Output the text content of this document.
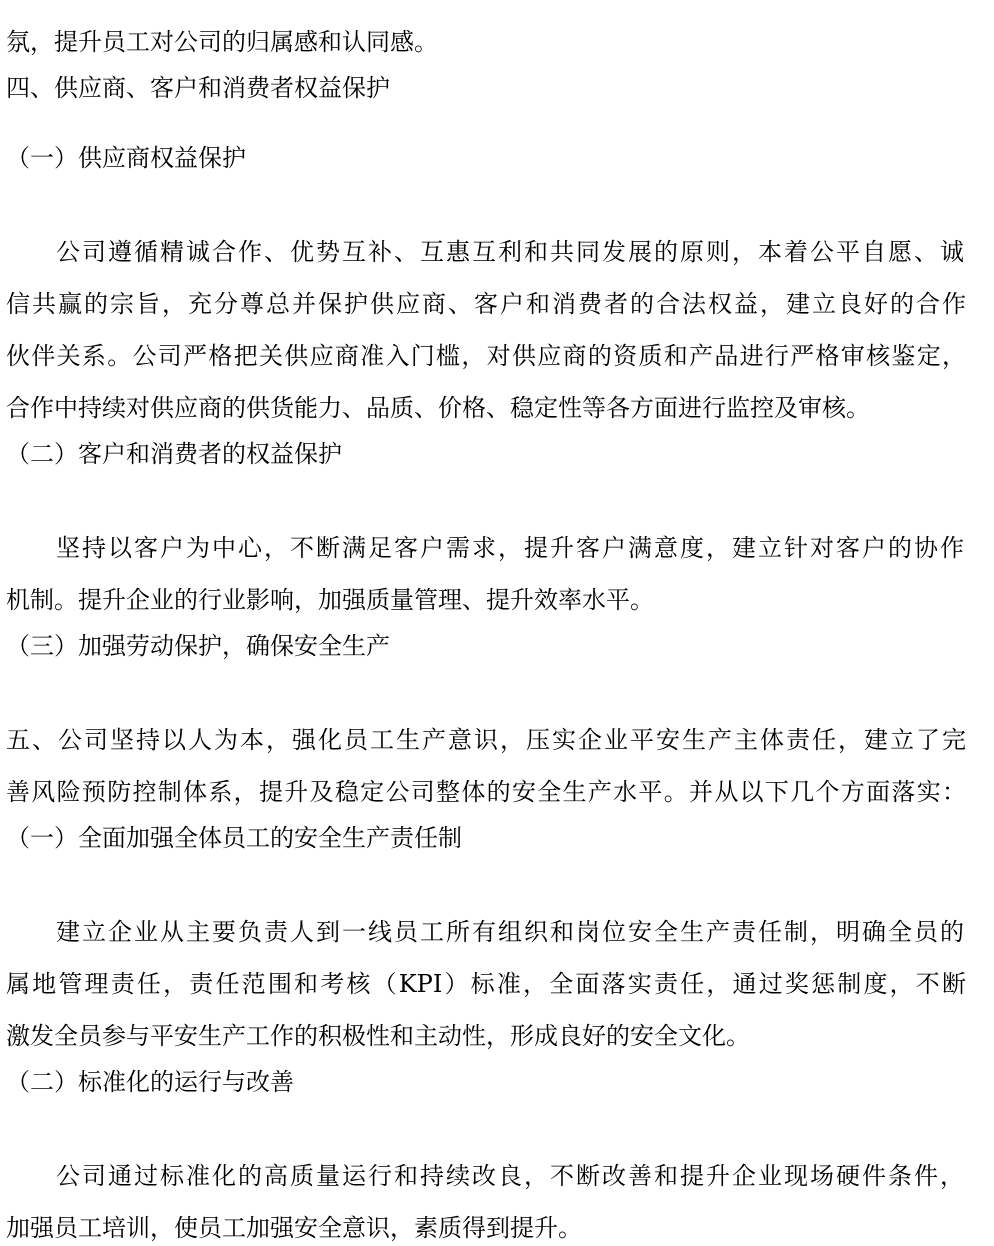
氛，提升员工对公司的归属感和认同感。

四、供应商、客户和消费者权益保护
（一）供应商权益保护

公司遵循精诚合作、优势互补、互惠互利和共同发展的原则，本着公平自愿、诚

信共赢的宗旨，充分尊总并保护供应商、客户和消费者的合法权益，建立良好的合作

伙伴关系。公司严格把关供应商准入门槛，对供应商的资质和产品进行严格审核鉴定，

合作中持续对供应商的供货能力、品质、价格、稳定性等各方面进行监控及审核。

（二）客户和消费者的权益保护

坚持以客户为中心，不断满足客户需求，提升客户满意度，建立针对客户的协作

机制。提升企业的行业影响，加强质量管理、提升效率水平。

（三）加强劳动保护，确保安全生产

五、公司坚持以人为本，强化员工生产意识，压实企业平安生产主体责任，建立了完

善风险预防控制体系，提升及稳定公司整体的安全生产水平。并从以下几个方面落实：

（一）全面加强全体员工的安全生产责任制

建立企业从主要负责人到一线员工所有组织和岗位安全生产责任制，明确全员的

属地管理责任，责任范围和考核（KPI）标准，全面落实责任，通过奖惩制度，不断

激发全员参与平安生产工作的积极性和主动性，形成良好的安全文化。

（二）标准化的运行与改善

公司通过标准化的高质量运行和持续改良，不断改善和提升企业现场硬件条件，

加强员工培训，使员工加强安全意识，素质得到提升。
